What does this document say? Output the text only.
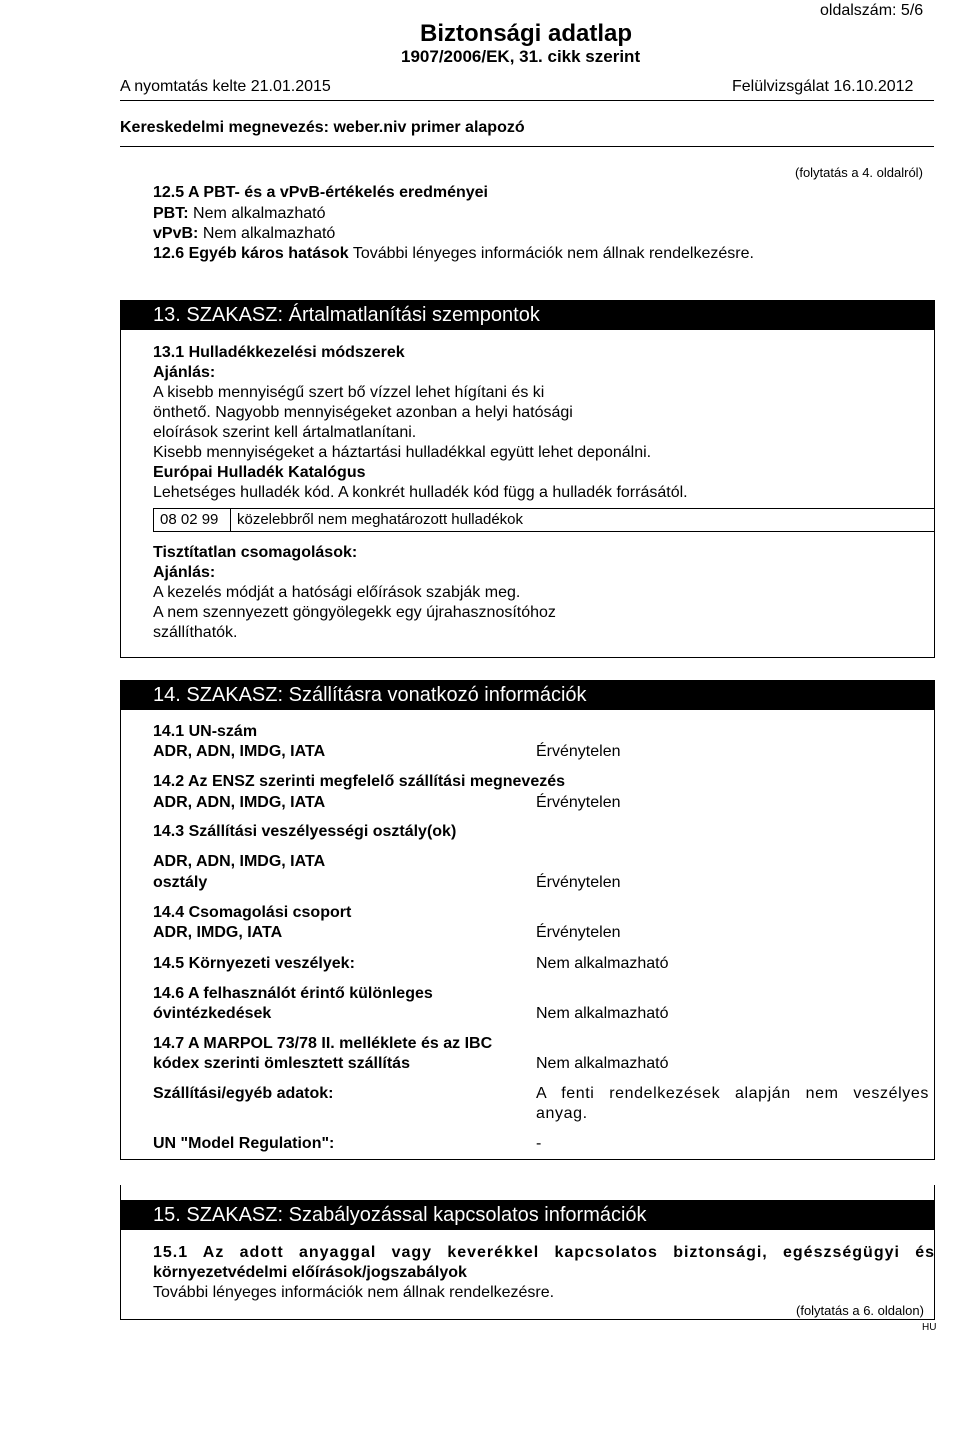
oldalszám: 5/6
Biztonsági adatlap
1907/2006/EK, 31. cikk szerint
A nyomtatás kelte 21.01.2015	Felülvizsgálat 16.10.2012
Kereskedelmi megnevezés: weber.niv primer alapozó
(folytatás a 4. oldalról)
12.5 A PBT- és a vPvB-értékelés eredményei
PBT: Nem alkalmazható
vPvB: Nem alkalmazható
12.6 Egyéb káros hatások További lényeges információk nem állnak rendelkezésre.
13. SZAKASZ: Ártalmatlanítási szempontok
13.1 Hulladékkezelési módszerek
Ajánlás:
A kisebb mennyiségű szert bő vízzel lehet hígítani és ki
önthető. Nagyobb mennyiségeket azonban a helyi hatósági
eloírások szerint kell ártalmatlanítani.
Kisebb mennyiségeket a háztartási hulladékkal együtt lehet deponálni.
Európai Hulladék Katalógus
Lehetséges hulladék kód. A konkrét hulladék kód függ a hulladék forrásától.
08 02 99 közelebbről nem meghatározott hulladékok
Tisztítatlan csomagolások:
Ajánlás:
A kezelés módját a hatósági előírások szabják meg.
A nem szennyezett göngyölegekk egy újrahasznosítóhoz
szállíthatók.
14. SZAKASZ: Szállításra vonatkozó információk
14.1 UN-szám
ADR, ADN, IMDG, IATA	Érvénytelen
14.2 Az ENSZ szerinti megfelelő szállítási megnevezés
ADR, ADN, IMDG, IATA	Érvénytelen
14.3 Szállítási veszélyességi osztály(ok)
ADR, ADN, IMDG, IATA
osztály	Érvénytelen
14.4 Csomagolási csoport
ADR, IMDG, IATA	Érvénytelen
14.5 Környezeti veszélyek:	Nem alkalmazható
14.6 A felhasználót érintő különleges
óvintézkedések	Nem alkalmazható
14.7 A MARPOL 73/78 II. melléklete és az IBC
kódex szerinti ömlesztett szállítás	Nem alkalmazható
Szállítási/egyéb adatok:	A fenti rendelkezések alapján nem veszélyes anyag.
UN "Model Regulation":	-
15. SZAKASZ: Szabályozással kapcsolatos információk
15.1 Az adott anyaggal vagy keverékkel kapcsolatos biztonsági, egészségügyi és
környezetvédelmi előírások/jogszabályok
További lényeges információk nem állnak rendelkezésre.
(folytatás a 6. oldalon)
HU
